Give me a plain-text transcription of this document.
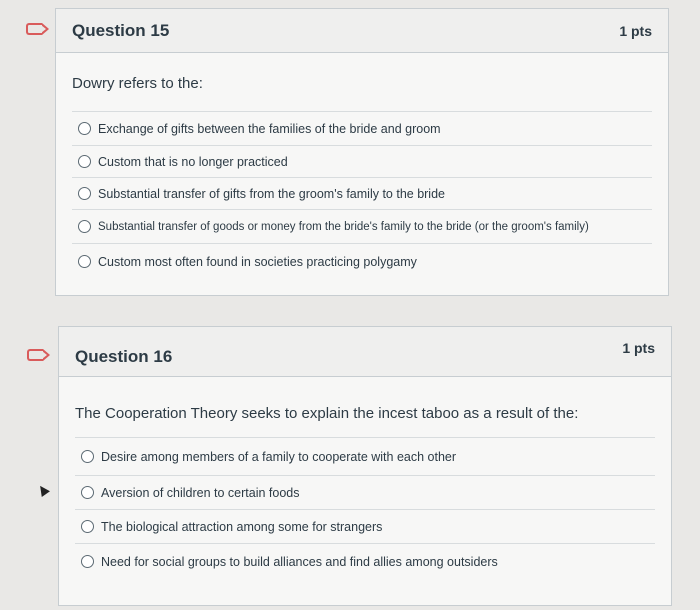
Question 15	1 pts
Dowry refers to the:
Exchange of gifts between the families of the bride and groom
Custom that is no longer practiced
Substantial transfer of gifts from the groom's family to the bride
Substantial transfer of goods or money from the bride's family to the bride (or the groom's family)
Custom most often found in societies practicing polygamy
Question 16	1 pts
The Cooperation Theory seeks to explain the incest taboo as a result of the:
Desire among members of a family to cooperate with each other
Aversion of children to certain foods
The biological attraction among some for strangers
Need for social groups to build alliances and find allies among outsiders
